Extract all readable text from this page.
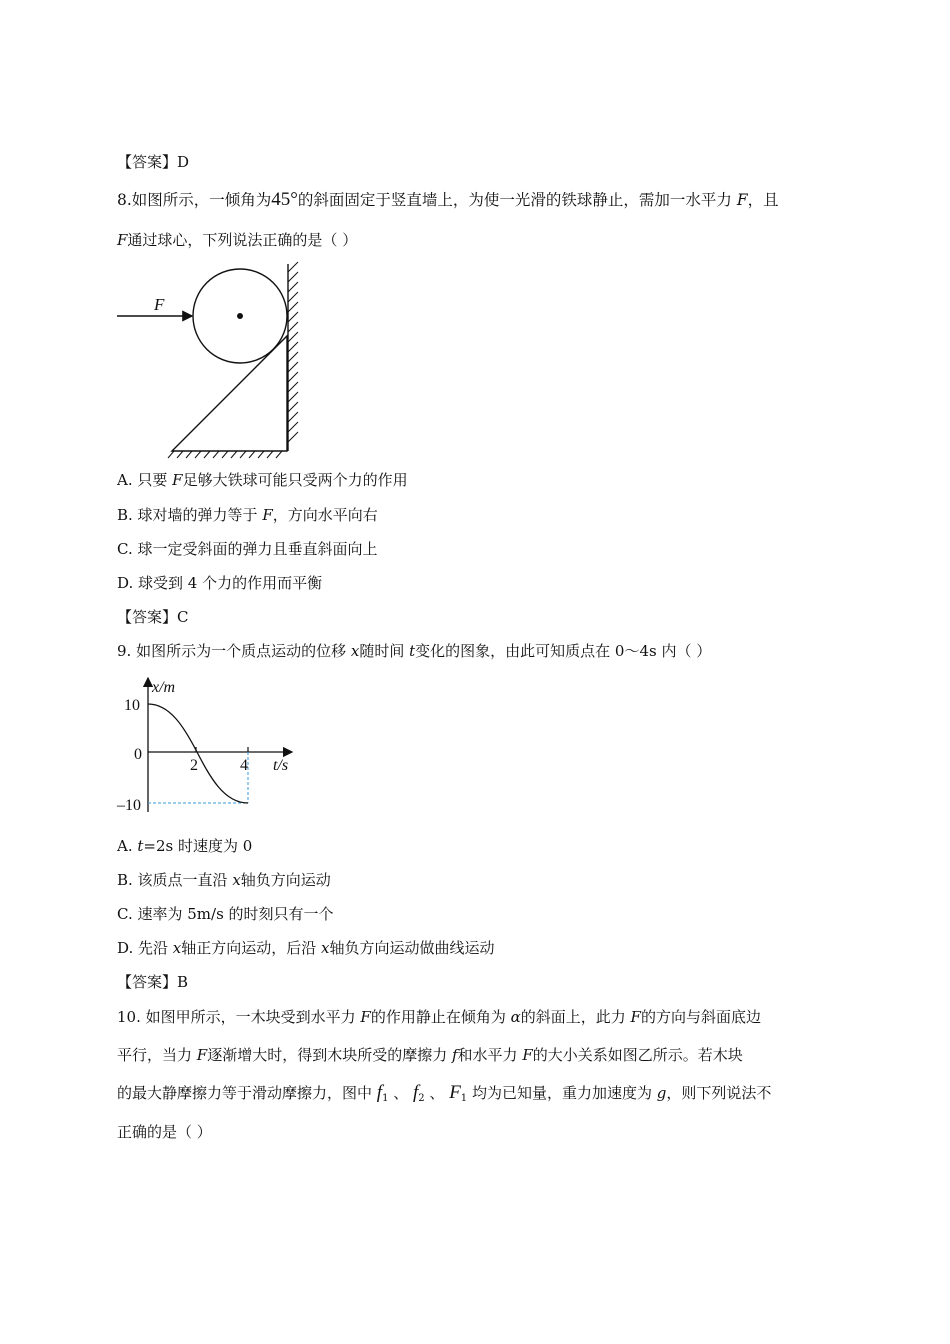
【答案】D
8.如图所示，一倾角为45°的斜面固定于竖直墙上，为使一光滑的铁球静止，需加一水平力 F，且
F通过球心，下列说法正确的是（ ）
F
A. 只要 F足够大铁球可能只受两个力的作用
B. 球对墙的弹力等于 F，方向水平向右
C. 球一定受斜面的弹力且垂直斜面向上
D. 球受到 4 个力的作用而平衡
【答案】C
9. 如图所示为一个质点运动的位移 x随时间 t变化的图象，由此可知质点在 0～4s 内（ ）
x/m
t/s
10
0
–10
2	4
A. t=2s 时速度为 0
B. 该质点一直沿 x轴负方向运动
C. 速率为 5m/s 的时刻只有一个
D. 先沿 x轴正方向运动，后沿 x轴负方向运动做曲线运动
【答案】B
10. 如图甲所示，一木块受到水平力 F的作用静止在倾角为 α的斜面上，此力 F的方向与斜面底边
平行，当力 F逐渐增大时，得到木块所受的摩擦力 f和水平力 F的大小关系如图乙所示。若木块
的最大静摩擦力等于滑动摩擦力，图中 $f_1$ 、 $f_2$ 、 $F_1$ 均为已知量，重力加速度为 g，则下列说法不
正确的是（ ）
